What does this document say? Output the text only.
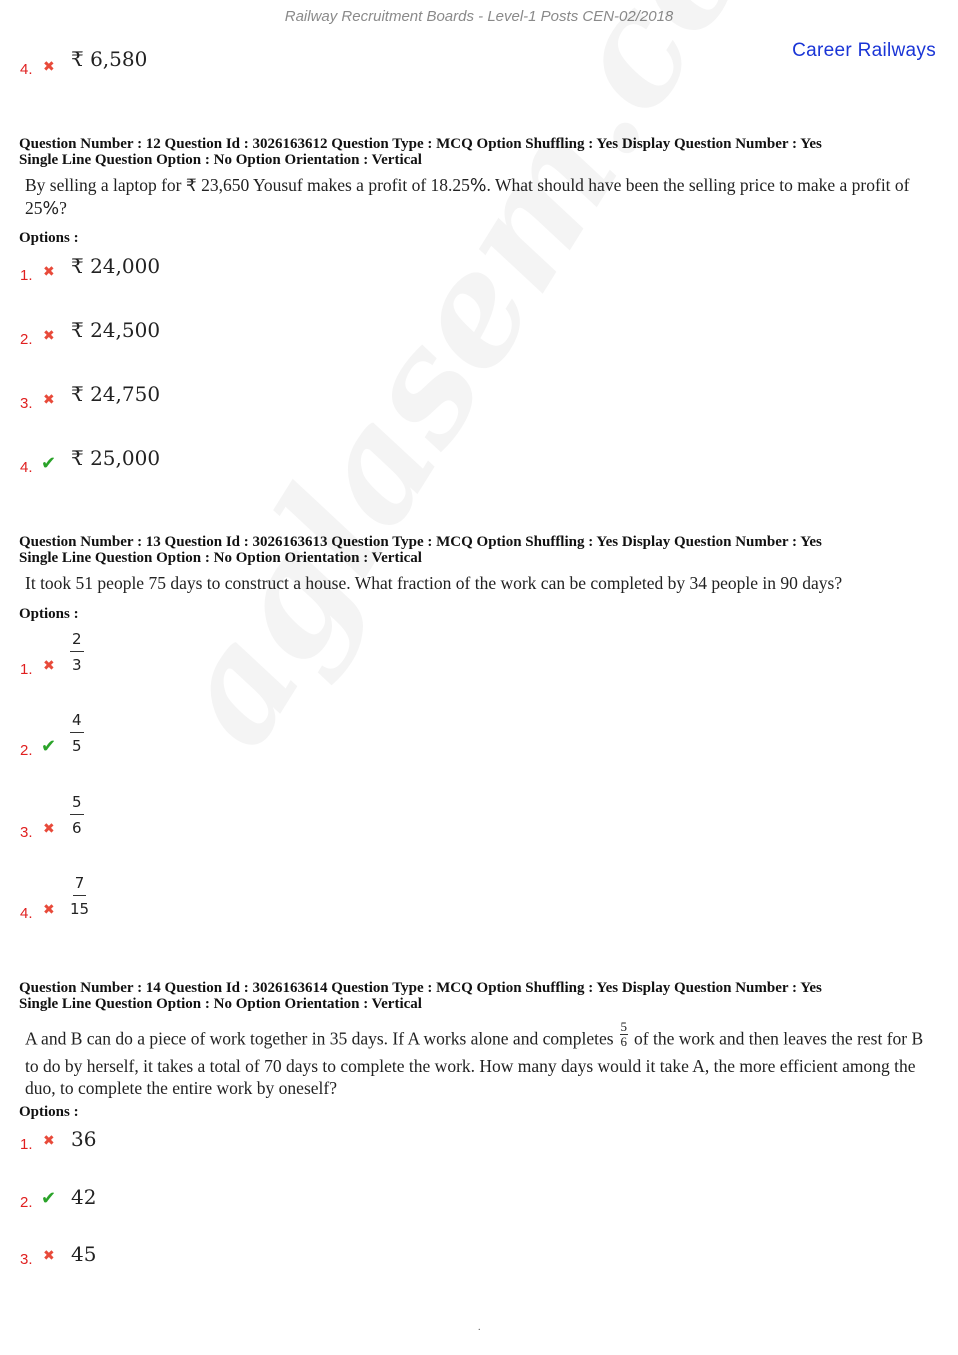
Railway Recruitment Boards - Level-1 Posts CEN-02/2018
Career Railways
4. ✖ ₹ 6,580
Question Number : 12 Question Id : 3026163612 Question Type : MCQ Option Shuffling : Yes Display Question Number : Yes
Single Line Question Option : No Option Orientation : Vertical
By selling a laptop for ₹ 23,650 Yousuf makes a profit of 18.25%. What should have been the selling price to make a profit of 25%?
Options :
1. ✖ ₹ 24,000
2. ✖ ₹ 24,500
3. ✖ ₹ 24,750
4. ✔ ₹ 25,000
Question Number : 13 Question Id : 3026163613 Question Type : MCQ Option Shuffling : Yes Display Question Number : Yes
Single Line Question Option : No Option Orientation : Vertical
It took 51 people 75 days to construct a house. What fraction of the work can be completed by 34 people in 90 days?
Options :
1. ✖ $\frac{2}{3}$
2. ✔ $\frac{4}{5}$
3. ✖ $\frac{5}{6}$
4. ✖ $\frac{7}{15}$
Question Number : 14 Question Id : 3026163614 Question Type : MCQ Option Shuffling : Yes Display Question Number : Yes
Single Line Question Option : No Option Orientation : Vertical
A and B can do a piece of work together in 35 days. If A works alone and completes $\frac{5}{6}$ of the work and then leaves the rest for B to do by herself, it takes a total of 70 days to complete the work. How many days would it take A, the more efficient among the duo, to complete the entire work by oneself?
Options :
1. ✖ 36
2. ✔ 42
3. ✖ 45
.
